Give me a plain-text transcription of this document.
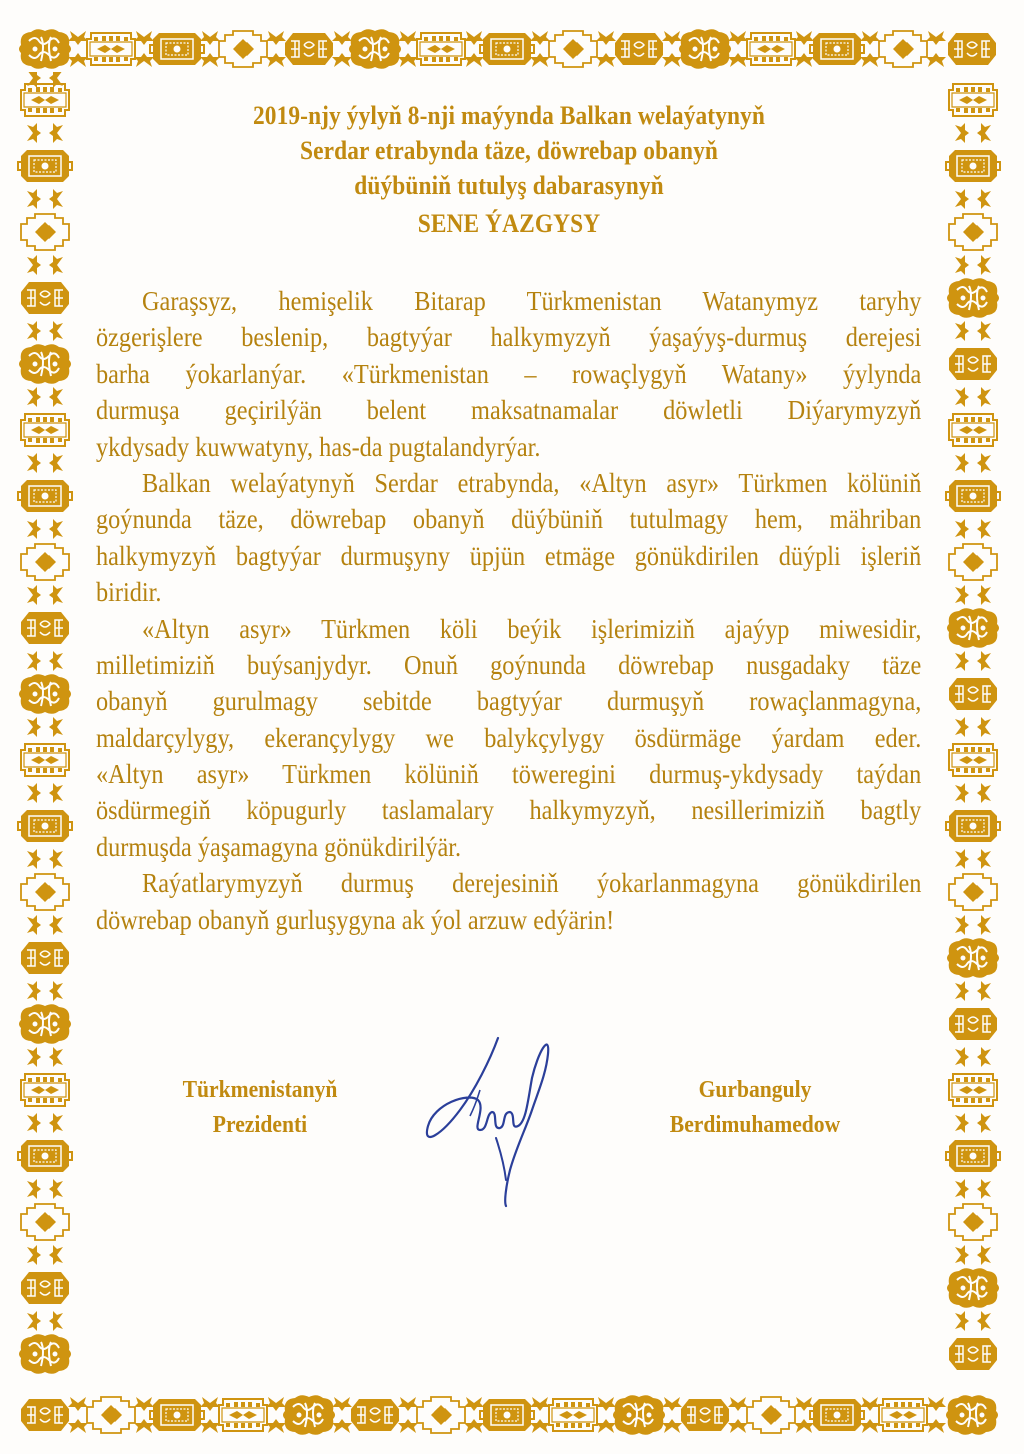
2019-njy ýylyň 8-nji maýynda Balkan welaýatynyň
Serdar etrabynda täze, döwrebap obanyň
düýbüniň tutulyş dabarasynyň
SENE ÝAZGYSY
Garaşsyz, hemişelik Bitarap Türkmenistan Watanymyz taryhy
özgerişlere beslenip, bagtyýar halkymyzyň ýaşaýyş-durmuş derejesi
barha ýokarlanýar. «Türkmenistan – rowaçlygyň Watany» ýylynda
durmuşa geçirilýän belent maksatnamalar döwletli Diýarymyzyň
ykdysady kuwwatyny, has-da pugtalandyrýar.
Balkan welaýatynyň Serdar etrabynda, «Altyn asyr» Türkmen kölüniň
goýnunda täze, döwrebap obanyň düýbüniň tutulmagy hem, mähriban
halkymyzyň bagtyýar durmuşyny üpjün etmäge gönükdirilen düýpli işleriň
biridir.
«Altyn asyr» Türkmen köli beýik işlerimiziň ajaýyp miwesidir,
milletimiziň buýsanjydyr. Onuň goýnunda döwrebap nusgadaky täze
obanyň gurulmagy sebitde bagtyýar durmuşyň rowaçlanmagyna,
maldarçylygy, ekerançylygy we balykçylygy ösdürmäge ýardam eder.
«Altyn asyr» Türkmen kölüniň töweregini durmuş-ykdysady taýdan
ösdürmegiň köpugurly taslamalary halkymyzyň, nesillerimiziň bagtly
durmuşda ýaşamagyna gönükdirilýär.
Raýatlarymyzyň durmuş derejesiniň ýokarlanmagyna gönükdirilen
döwrebap obanyň gurluşygyna ak ýol arzuw edýärin!
Türkmenistanyň
Prezidenti
Gurbanguly
Berdimuhamedow
